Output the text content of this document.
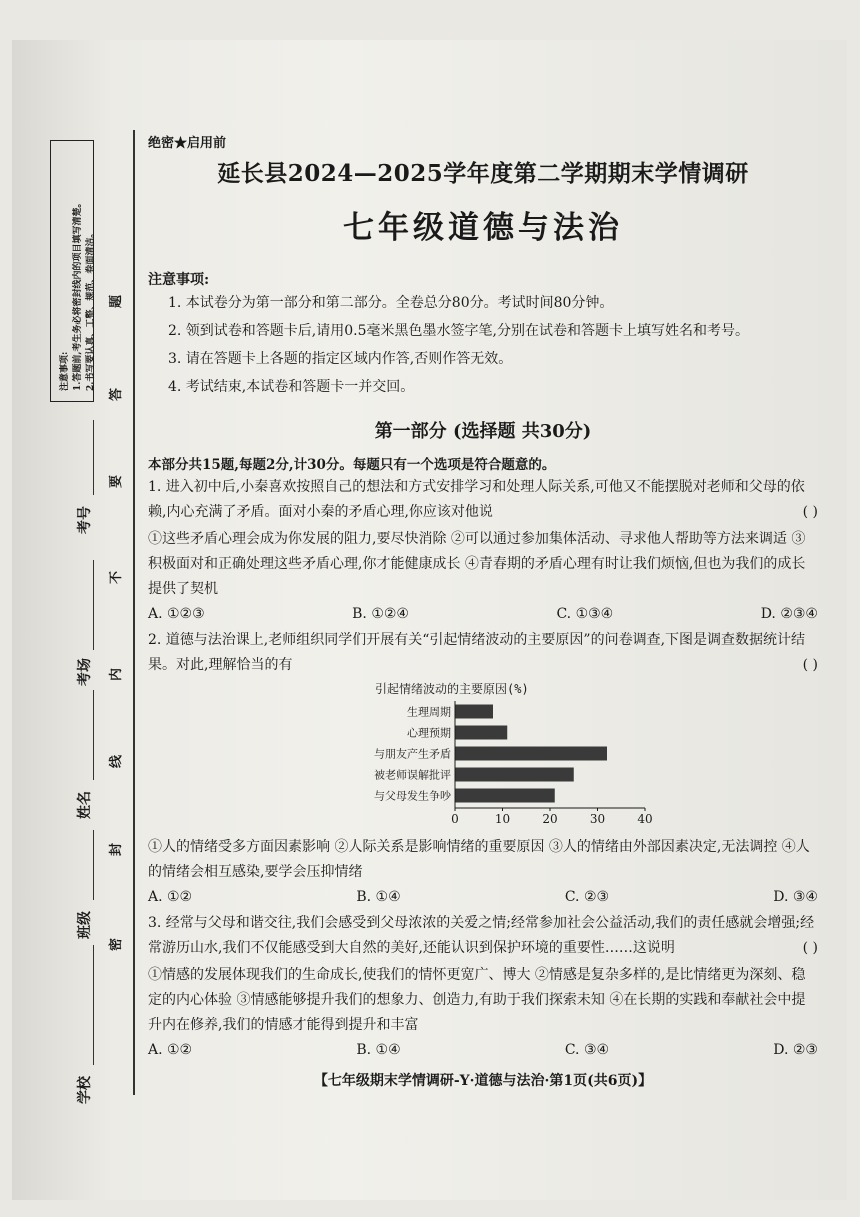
注意事项:
1.答题前,考生务必将密封线内的项目填写清楚。
2.书写要认真、工整、规范、卷面清洁。
考号
考场
姓名
班级
学校
密
封
线
内
不
要
答
题
绝密★启用前
延长县2024—2025学年度第二学期期末学情调研
七年级道德与法治
注意事项:
1. 本试卷分为第一部分和第二部分。全卷总分80分。考试时间80分钟。
2. 领到试卷和答题卡后,请用0.5毫米黑色墨水签字笔,分别在试卷和答题卡上填写姓名和考号。
3. 请在答题卡上各题的指定区域内作答,否则作答无效。
4. 考试结束,本试卷和答题卡一并交回。
第一部分 (选择题 共30分)
本部分共15题,每题2分,计30分。每题只有一个选项是符合题意的。
1. 进入初中后,小秦喜欢按照自己的想法和方式安排学习和处理人际关系,可他又不能摆脱对老师和父母的依赖,内心充满了矛盾。面对小秦的矛盾心理,你应该对他说	( )
①这些矛盾心理会成为你发展的阻力,要尽快消除 ②可以通过参加集体活动、寻求他人帮助等方法来调适 ③积极面对和正确处理这些矛盾心理,你才能健康成长 ④青春期的矛盾心理有时让我们烦恼,但也为我们的成长提供了契机
A. ①②③	B. ①②④	C. ①③④	D. ②③④
2. 道德与法治课上,老师组织同学们开展有关“引起情绪波动的主要原因”的问卷调查,下图是调查数据统计结果。对此,理解恰当的有	( )
引起情绪波动的主要原因(%)
生理周期
心理预期
与朋友产生矛盾
被老师误解批评
与父母发生争吵
0	10	20	30	40
①人的情绪受多方面因素影响 ②人际关系是影响情绪的重要原因 ③人的情绪由外部因素决定,无法调控 ④人的情绪会相互感染,要学会压抑情绪
A. ①②	B. ①④	C. ②③	D. ③④
3. 经常与父母和谐交往,我们会感受到父母浓浓的关爱之情;经常参加社会公益活动,我们的责任感就会增强;经常游历山水,我们不仅能感受到大自然的美好,还能认识到保护环境的重要性……这说明	( )
①情感的发展体现我们的生命成长,使我们的情怀更宽广、博大 ②情感是复杂多样的,是比情绪更为深刻、稳定的内心体验 ③情感能够提升我们的想象力、创造力,有助于我们探索未知 ④在长期的实践和奉献社会中提升内在修养,我们的情感才能得到提升和丰富
A. ①②	B. ①④	C. ③④	D. ②③
【七年级期末学情调研-Y·道德与法治·第1页(共6页)】
